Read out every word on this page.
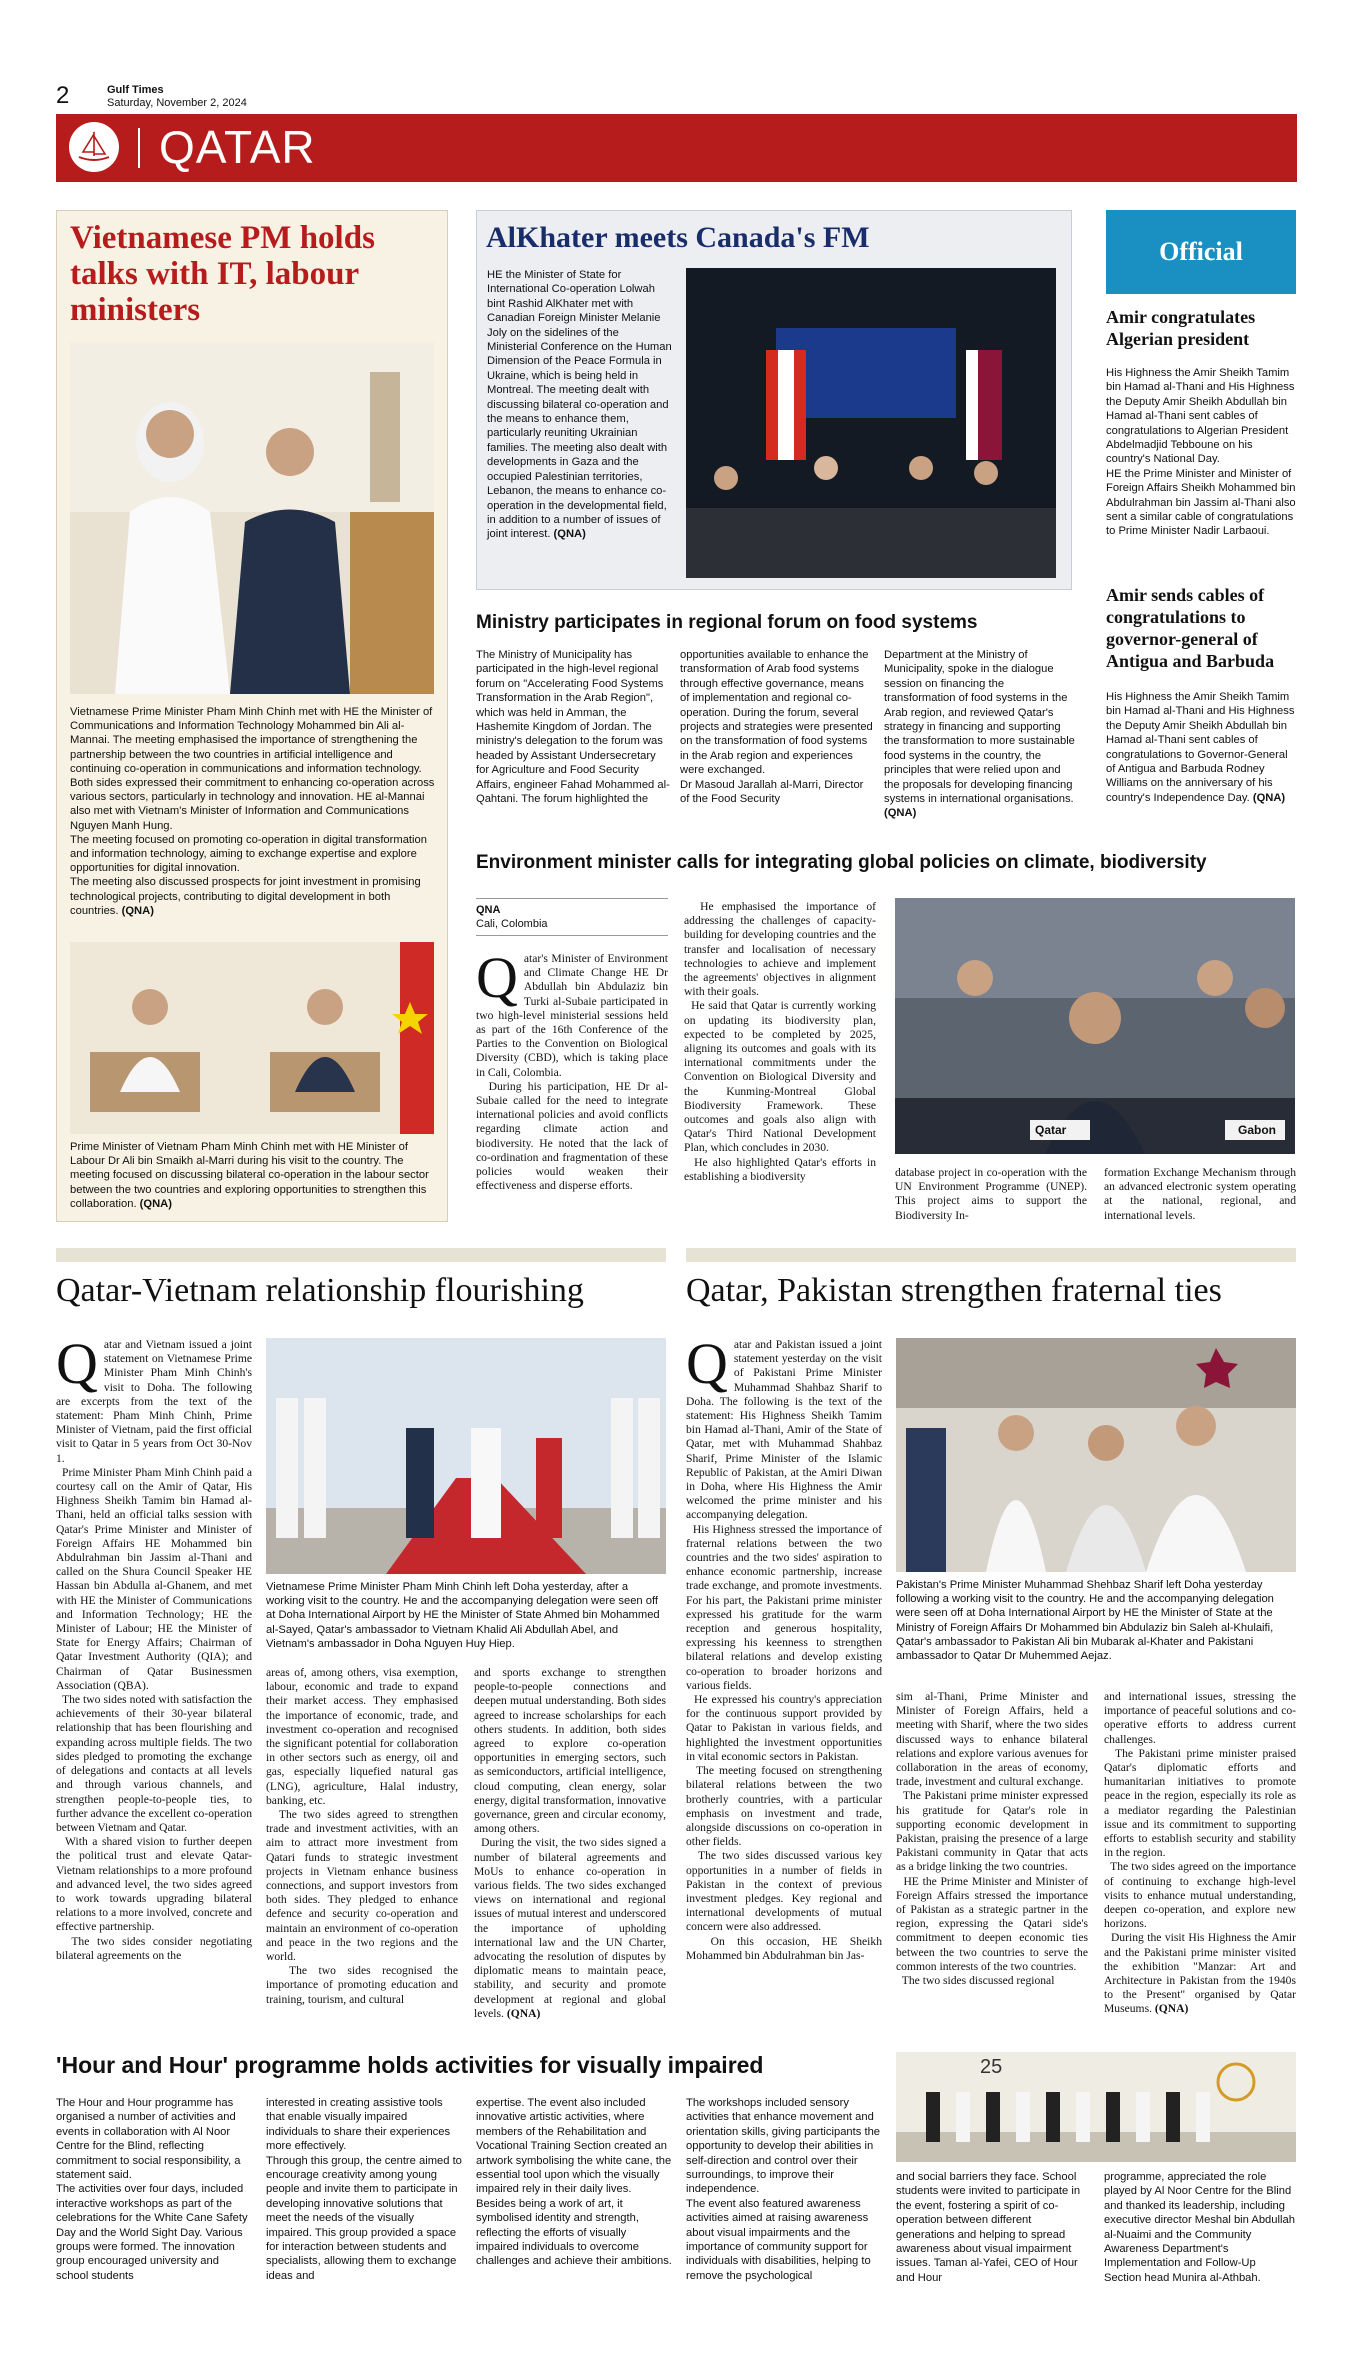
2	Gulf Times
Saturday, November 2, 2024
QATAR
Vietnamese PM holds talks with IT, labour ministers
Vietnamese Prime Minister Pham Minh Chinh met with HE the Minister of Communications and Information Technology Mohammed bin Ali al-Mannai. The meeting emphasised the importance of strengthening the partnership between the two countries in artificial intelligence and continuing co-operation in communications and information technology.
Both sides expressed their commitment to enhancing co-operation across various sectors, particularly in technology and innovation. HE al-Mannai also met with Vietnam's Minister of Information and Communications Nguyen Manh Hung.
The meeting focused on promoting co-operation in digital transformation and information technology, aiming to exchange expertise and explore opportunities for digital innovation.
The meeting also discussed prospects for joint investment in promising technological projects, contributing to digital development in both countries. (QNA)
Prime Minister of Vietnam Pham Minh Chinh met with HE Minister of Labour Dr Ali bin Smaikh al-Marri during his visit to the country. The meeting focused on discussing bilateral co-operation in the labour sector between the two countries and exploring opportunities to strengthen this collaboration. (QNA)
AlKhater meets Canada's FM
HE the Minister of State for International Co-operation Lolwah bint Rashid AlKhater met with Canadian Foreign Minister Melanie Joly on the sidelines of the Ministerial Conference on the Human Dimension of the Peace Formula in Ukraine, which is being held in Montreal. The meeting dealt with discussing bilateral co-operation and the means to enhance them, particularly reuniting Ukrainian families. The meeting also dealt with developments in Gaza and the occupied Palestinian territories, Lebanon, the means to enhance co-operation in the developmental field, in addition to a number of issues of joint interest. (QNA)
Official
Amir congratulates Algerian president
His Highness the Amir Sheikh Tamim bin Hamad al-Thani and His Highness the Deputy Amir Sheikh Abdullah bin Hamad al-Thani sent cables of congratulations to Algerian President Abdelmadjid Tebboune on his country's National Day.
HE the Prime Minister and Minister of Foreign Affairs Sheikh Mohammed bin Abdulrahman bin Jassim al-Thani also sent a similar cable of congratulations to Prime Minister Nadir Larbaoui.
Amir sends cables of congratulations to governor-general of Antigua and Barbuda
His Highness the Amir Sheikh Tamim bin Hamad al-Thani and His Highness the Deputy Amir Sheikh Abdullah bin Hamad al-Thani sent cables of congratulations to Governor-General of Antigua and Barbuda Rodney Williams on the anniversary of his country's Independence Day. (QNA)
Ministry participates in regional forum on food systems
The Ministry of Municipality has participated in the high-level regional forum on "Accelerating Food Systems Transformation in the Arab Region", which was held in Amman, the Hashemite Kingdom of Jordan. The ministry's delegation to the forum was headed by Assistant Undersecretary for Agriculture and Food Security Affairs, engineer Fahad Mohammed al-Qahtani. The forum highlighted the
opportunities available to enhance the transformation of Arab food systems through effective governance, means of implementation and regional co-operation. During the forum, several projects and strategies were presented on the transformation of food systems in the Arab region and experiences were exchanged.
Dr Masoud Jarallah al-Marri, Director of the Food Security
Department at the Ministry of Municipality, spoke in the dialogue session on financing the transformation of food systems in the Arab region, and reviewed Qatar's strategy in financing and supporting the transformation to more sustainable food systems in the country, the principles that were relied upon and the proposals for developing financing systems in international organisations. (QNA)
Environment minister calls for integrating global policies on climate, biodiversity
QNA
Cali, Colombia
Qatar's Minister of Environment and Climate Change HE Dr Abdullah bin Abdulaziz bin Turki al-Subaie participated in two high-level ministerial sessions held as part of the 16th Conference of the Parties to the Convention on Biological Diversity (CBD), which is taking place in Cali, Colombia.
During his participation, HE Dr al-Subaie called for the need to integrate international policies and avoid conflicts regarding climate action and biodiversity. He noted that the lack of co-ordination and fragmentation of these policies would weaken their effectiveness and disperse efforts.
He emphasised the importance of addressing the challenges of capacity-building for developing countries and the transfer and localisation of necessary technologies to achieve and implement the agreements' objectives in alignment with their goals.
He said that Qatar is currently working on updating its biodiversity plan, expected to be completed by 2025, aligning its outcomes and goals with its international commitments under the Convention on Biological Diversity and the Kunming-Montreal Global Biodiversity Framework. These outcomes and goals also align with Qatar's Third National Development Plan, which concludes in 2030.
He also highlighted Qatar's efforts in establishing a biodiversity
Qatar	Gabon
database project in co-operation with the UN Environment Programme (UNEP). This project aims to support the Biodiversity In-
formation Exchange Mechanism through an advanced electronic system operating at the national, regional, and international levels.
Qatar-Vietnam relationship flourishing
Qatar and Vietnam issued a joint statement on Vietnamese Prime Minister Pham Minh Chinh's visit to Doha. The following are excerpts from the text of the statement: Pham Minh Chinh, Prime Minister of Vietnam, paid the first official visit to Qatar in 5 years from Oct 30-Nov 1.
Prime Minister Pham Minh Chinh paid a courtesy call on the Amir of Qatar, His Highness Sheikh Tamim bin Hamad al-Thani, held an official talks session with Qatar's Prime Minister and Minister of Foreign Affairs HE Mohammed bin Abdulrahman bin Jassim al-Thani and called on the Shura Council Speaker HE Hassan bin Abdulla al-Ghanem, and met with HE the Minister of Communications and Information Technology; HE the Minister of Labour; HE the Minister of State for Energy Affairs; Chairman of Qatar Investment Authority (QIA); and Chairman of Qatar Businessmen Association (QBA).
The two sides noted with satisfaction the achievements of their 30-year bilateral relationship that has been flourishing and expanding across multiple fields. The two sides pledged to promoting the exchange of delegations and contacts at all levels and through various channels, and strengthen people-to-people ties, to further advance the excellent co-operation between Vietnam and Qatar.
With a shared vision to further deepen the political trust and elevate Qatar-Vietnam relationships to a more profound and advanced level, the two sides agreed to work towards upgrading bilateral relations to a more involved, concrete and effective partnership.
The two sides consider negotiating bilateral agreements on the
Vietnamese Prime Minister Pham Minh Chinh left Doha yesterday, after a working visit to the country. He and the accompanying delegation were seen off at Doha International Airport by HE the Minister of State Ahmed bin Mohammed al-Sayed, Qatar's ambassador to Vietnam Khalid Ali Abdullah Abel, and Vietnam's ambassador in Doha Nguyen Huy Hiep.
areas of, among others, visa exemption, labour, economic and trade to expand their market access. They emphasised the importance of economic, trade, and investment co-operation and recognised the significant potential for collaboration in other sectors such as energy, oil and gas, especially liquefied natural gas (LNG), agriculture, Halal industry, banking, etc.
The two sides agreed to strengthen trade and investment activities, with an aim to attract more investment from Qatari funds to strategic investment projects in Vietnam enhance business connections, and support investors from both sides. They pledged to enhance defence and security co-operation and maintain an environment of co-operation and peace in the two regions and the world.
The two sides recognised the importance of promoting education and training, tourism, and cultural
and sports exchange to strengthen people-to-people connections and deepen mutual understanding. Both sides agreed to increase scholarships for each others students. In addition, both sides agreed to explore co-operation opportunities in emerging sectors, such as semiconductors, artificial intelligence, cloud computing, clean energy, solar energy, digital transformation, innovative governance, green and circular economy, among others.
During the visit, the two sides signed a number of bilateral agreements and MoUs to enhance co-operation in various fields. The two sides exchanged views on international and regional issues of mutual interest and underscored the importance of upholding international law and the UN Charter, advocating the resolution of disputes by diplomatic means to maintain peace, stability, and security and promote development at regional and global levels. (QNA)
Qatar, Pakistan strengthen fraternal ties
Qatar and Pakistan issued a joint statement yesterday on the visit of Pakistani Prime Minister Muhammad Shahbaz Sharif to Doha. The following is the text of the statement: His Highness Sheikh Tamim bin Hamad al-Thani, Amir of the State of Qatar, met with Muhammad Shahbaz Sharif, Prime Minister of the Islamic Republic of Pakistan, at the Amiri Diwan in Doha, where His Highness the Amir welcomed the prime minister and his accompanying delegation.
His Highness stressed the importance of fraternal relations between the two countries and the two sides' aspiration to enhance economic partnership, increase trade exchange, and promote investments. For his part, the Pakistani prime minister expressed his gratitude for the warm reception and generous hospitality, expressing his keenness to strengthen bilateral relations and develop existing co-operation to broader horizons and various fields.
He expressed his country's appreciation for the continuous support provided by Qatar to Pakistan in various fields, and highlighted the investment opportunities in vital economic sectors in Pakistan.
The meeting focused on strengthening bilateral relations between the two brotherly countries, with a particular emphasis on investment and trade, alongside discussions on co-operation in other fields.
The two sides discussed various key opportunities in a number of fields in Pakistan in the context of previous investment pledges. Key regional and international developments of mutual concern were also addressed.
On this occasion, HE Sheikh Mohammed bin Abdulrahman bin Jas-
Pakistan's Prime Minister Muhammad Shehbaz Sharif left Doha yesterday following a working visit to the country. He and the accompanying delegation were seen off at Doha International Airport by HE the Minister of State at the Ministry of Foreign Affairs Dr Mohammed bin Abdulaziz bin Saleh al-Khulaifi, Qatar's ambassador to Pakistan Ali bin Mubarak al-Khater and Pakistani ambassador to Qatar Dr Muhemmed Aejaz.
sim al-Thani, Prime Minister and Minister of Foreign Affairs, held a meeting with Sharif, where the two sides discussed ways to enhance bilateral relations and explore various avenues for collaboration in the areas of economy, trade, investment and cultural exchange.
The Pakistani prime minister expressed his gratitude for Qatar's role in supporting economic development in Pakistan, praising the presence of a large Pakistani community in Qatar that acts as a bridge linking the two countries.
HE the Prime Minister and Minister of Foreign Affairs stressed the importance of Pakistan as a strategic partner in the region, expressing the Qatari side's commitment to deepen economic ties between the two countries to serve the common interests of the two countries.
The two sides discussed regional
and international issues, stressing the importance of peaceful solutions and co-operative efforts to address current challenges.
The Pakistani prime minister praised Qatar's diplomatic efforts and humanitarian initiatives to promote peace in the region, especially its role as a mediator regarding the Palestinian issue and its commitment to supporting efforts to establish security and stability in the region.
The two sides agreed on the importance of continuing to exchange high-level visits to enhance mutual understanding, deepen co-operation, and explore new horizons.
During the visit His Highness the Amir and the Pakistani prime minister visited the exhibition "Manzar: Art and Architecture in Pakistan from the 1940s to the Present" organised by Qatar Museums. (QNA)
'Hour and Hour' programme holds activities for visually impaired
The Hour and Hour programme has organised a number of activities and events in collaboration with Al Noor Centre for the Blind, reflecting commitment to social responsibility, a statement said.
The activities over four days, included interactive workshops as part of the celebrations for the White Cane Safety Day and the World Sight Day. Various groups were formed. The innovation group encouraged university and school students
interested in creating assistive tools that enable visually impaired individuals to share their experiences more effectively.
Through this group, the centre aimed to encourage creativity among young people and invite them to participate in developing innovative solutions that meet the needs of the visually impaired. This group provided a space for interaction between students and specialists, allowing them to exchange ideas and
expertise. The event also included innovative artistic activities, where members of the Rehabilitation and Vocational Training Section created an artwork symbolising the white cane, the essential tool upon which the visually impaired rely in their daily lives. Besides being a work of art, it symbolised identity and strength, reflecting the efforts of visually impaired individuals to overcome challenges and achieve their ambitions.
The workshops included sensory activities that enhance movement and orientation skills, giving participants the opportunity to develop their abilities in self-direction and control over their surroundings, to improve their independence.
The event also featured awareness activities aimed at raising awareness about visual impairments and the importance of community support for individuals with disabilities, helping to remove the psychological
25
and social barriers they face. School students were invited to participate in the event, fostering a spirit of co-operation between different generations and helping to spread awareness about visual impairment issues. Taman al-Yafei, CEO of Hour and Hour
programme, appreciated the role played by Al Noor Centre for the Blind and thanked its leadership, including executive director Meshal bin Abdullah al-Nuaimi and the Community Awareness Department's Implementation and Follow-Up Section head Munira al-Athbah.
